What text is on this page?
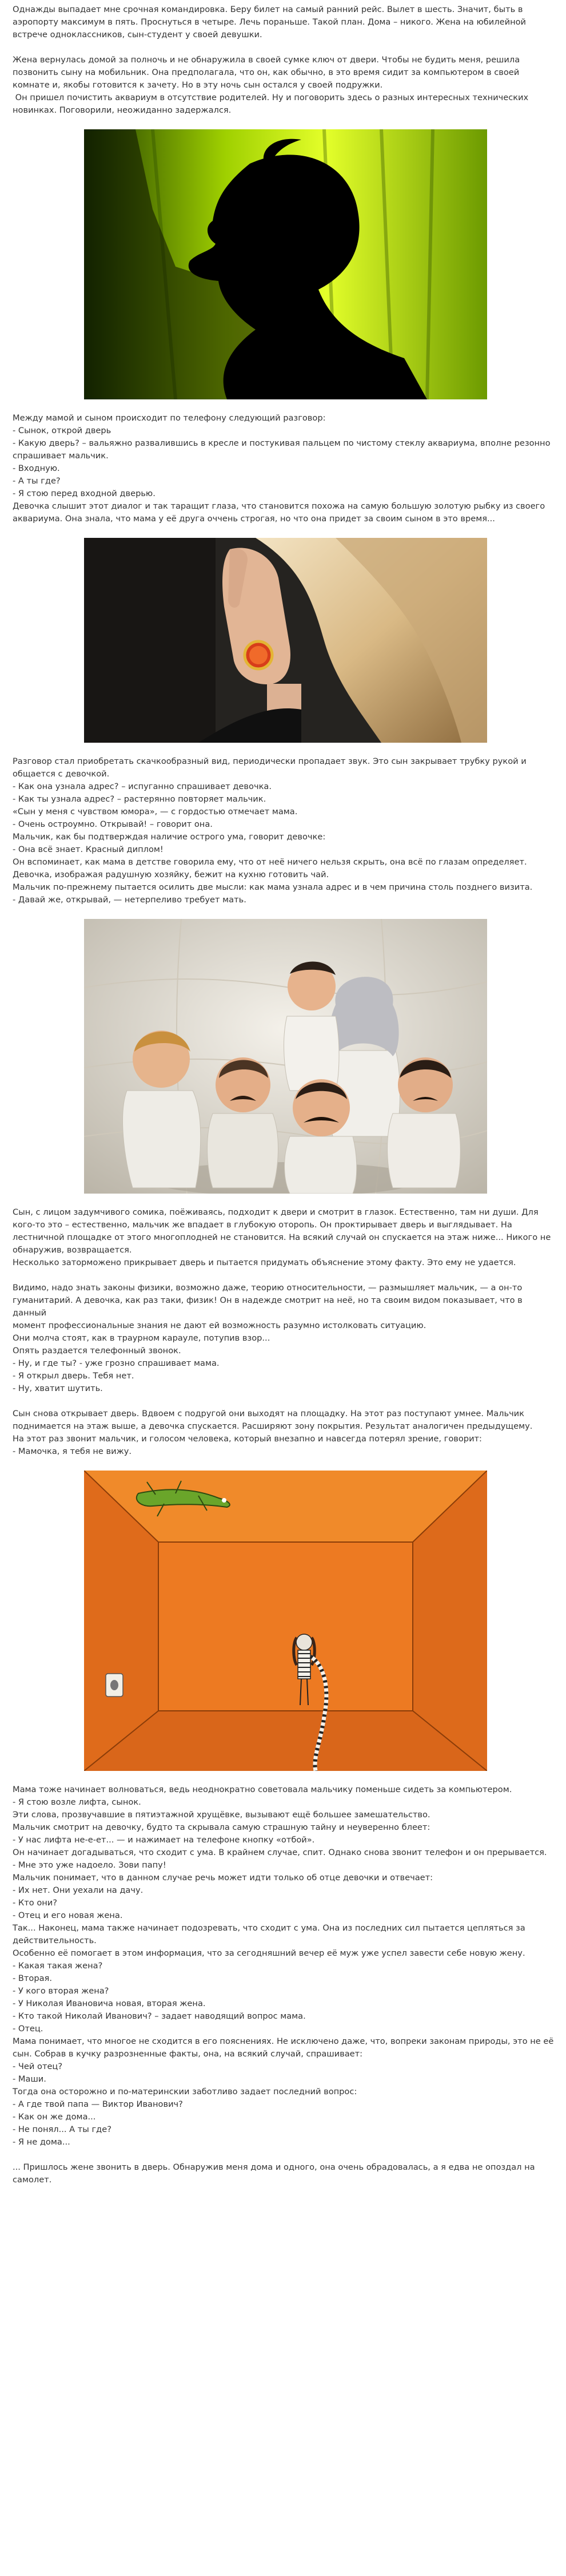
Однажды выпадает мне срочная командировка. Беру билет на самый ранний рейс. Вылет в шесть. Значит, быть в
аэропорту максимум в пять. Проснуться в четыре. Лечь пораньше. Такой план. Дома – никого. Жена на юбилейной
встрече одноклассников, сын-студент у своей девушки.
Жена вернулась домой за полночь и не обнаружила в своей сумке ключ от двери. Чтобы не будить меня, решила
позвонить сыну на мобильник. Она предполагала, что он, как обычно, в это время сидит за компьютером в своей
комнате и, якобы готовится к зачету. Но в эту ночь сын остался у своей подружки.
Он пришел почистить аквариум в отсутствие родителей. Ну и поговорить здесь о разных интересных технических
новинках. Поговорили, неожиданно задержался.
Между мамой и сыном происходит по телефону следующий разговор:
- Сынок, открой дверь
- Какую дверь? – вальяжно развалившись в кресле и постукивая пальцем по чистому стеклу аквариума, вполне резонно
спрашивает мальчик.
- Входную.
- А ты где?
- Я стою перед входной дверью.
Девочка слышит этот диалог и так таращит глаза, что становится похожа на самую большую золотую рыбку из своего
аквариума. Она знала, что мама у её друга оччень строгая, но что она придет за своим сыном в это время...
Разговор стал приобретать скачкообразный вид, периодически пропадает звук. Это сын закрывает трубку рукой и
общается с девочкой.
- Как она узнала адрес? – испуганно спрашивает девочка.
- Как ты узнала адрес? – растерянно повторяет мальчик.
«Сын у меня с чувством юмора», — с гордостью отмечает мама.
- Очень остроумно. Открывай! – говорит она.
Мальчик, как бы подтверждая наличие острого ума, говорит девочке:
- Она всё знает. Красный диплом!
Он вспоминает, как мама в детстве говорила ему, что от неё ничего нельзя скрыть, она всё по глазам определяет.
Девочка, изображая радушную хозяйку, бежит на кухню готовить чай.
Мальчик по-прежнему пытается осилить две мысли: как мама узнала адрес и в чем причина столь позднего визита.
- Давай же, открывай, — нетерпеливо требует мать.
Сын, с лицом задумчивого сомика, поёживаясь, подходит к двери и смотрит в глазок. Естественно, там ни души. Для
кого-то это – естественно, мальчик же впадает в глубокую оторопь. Он проктирывает дверь и выглядывает. На
лестничной площадке от этого многоплодней не становится. На всякий случай он спускается на этаж ниже... Никого не
обнаружив, возвращается.
Несколько заторможено прикрывает дверь и пытается придумать объяснение этому факту. Это ему не удается.
Видимо, надо знать законы физики, возможно даже, теорию относительности, — размышляет мальчик, — а он-то
гуманитарий. А девочка, как раз таки, физик! Он в надежде смотрит на неё, но та своим видом показывает, что в данный
момент профессиональные знания не дают ей возможность разумно истолковать ситуацию.
Они молча стоят, как в траурном карауле, потупив взор...
Опять раздается телефонный звонок.
- Ну, и где ты? - уже грозно спрашивает мама.
- Я открыл дверь. Тебя нет.
- Ну, хватит шутить.
Сын снова открывает дверь. Вдвоем с подругой они выходят на площадку. На этот раз поступают умнее. Мальчик
поднимается на этаж выше, а девочка спускается. Расширяют зону покрытия. Результат аналогичен предыдущему.
На этот раз звонит мальчик, и голосом человека, который внезапно и навсегда потерял зрение, говорит:
- Мамочка, я тебя не вижу.
Мама тоже начинает волноваться, ведь неоднократно советовала мальчику поменьше сидеть за компьютером.
- Я стою возле лифта, сынок.
Эти слова, прозвучавшие в пятиэтажной хрущёвке, вызывают ещё большее замешательство.
Мальчик смотрит на девочку, будто та скрывала самую страшную тайну и неуверенно блеет:
- У нас лифта не-е-ет... — и нажимает на телефоне кнопку «отбой».
Он начинает догадываться, что сходит с ума. В крайнем случае, спит. Однако снова звонит телефон и он прерывается.
- Мне это уже надоело. Зови папу!
Мальчик понимает, что в данном случае речь может идти только об отце девочки и отвечает:
- Их нет. Они уехали на дачу.
- Кто они?
- Отец и его новая жена.
Так... Наконец, мама также начинает подозревать, что сходит с ума. Она из последних сил пытается цепляться за
действительность.
Особенно её помогает в этом информация, что за сегодняшний вечер её муж уже успел завести себе новую жену.
- Какая такая жена?
- Вторая.
- У кого вторая жена?
- У Николая Ивановича новая, вторая жена.
- Кто такой Николай Иванович? – задает наводящий вопрос мама.
- Отец.
Мама понимает, что многое не сходится в его пояснениях. Не исключено даже, что, вопреки законам природы, это не её
сын. Собрав в кучку разрозненные факты, она, на всякий случай, спрашивает:
- Чей отец?
- Маши.
Тогда она осторожно и по-материнскии заботливо задает последний вопрос:
- А где твой папа — Виктор Иванович?
- Как он же дома...
- Не понял... А ты где?
- Я не дома...
... Пришлось жене звонить в дверь. Обнаружив меня дома и одного, она очень обрадовалась, а я едва не опоздал на
самолет.
